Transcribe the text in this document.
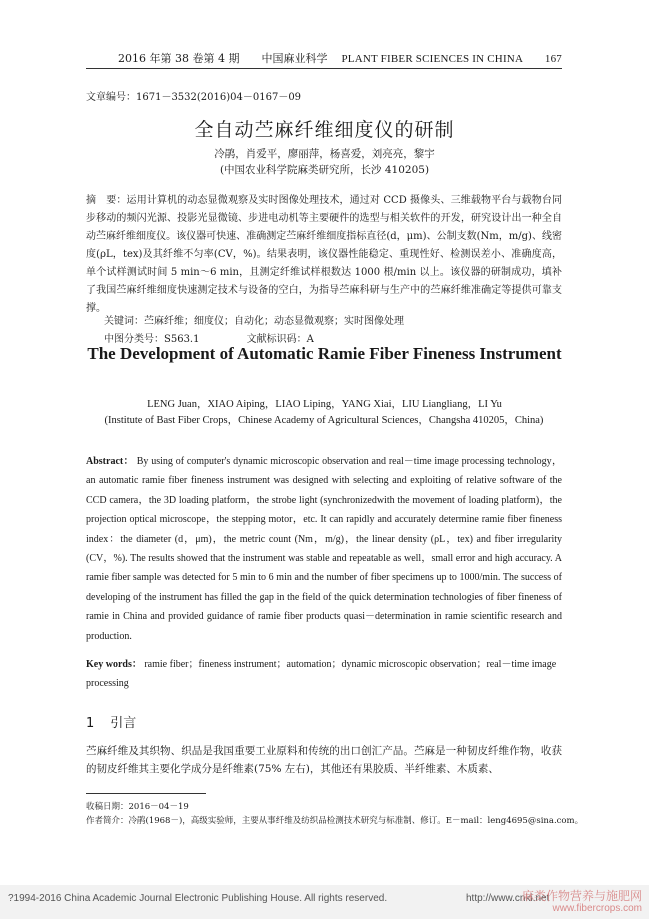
2016 年第 38 卷第 4 期　　中国麻业科学 PLANT FIBER SCIENCES IN CHINA　　167
文章编号：1671－3532(2016)04－0167－09
全自动苎麻纤维细度仪的研制
冷鹃，肖爱平，廖丽萍，杨喜爱，刘亮亮，黎宇
(中国农业科学院麻类研究所，长沙 410205)
摘　要：运用计算机的动态显微观察及实时图像处理技术，通过对 CCD 摄像头、三维载物平台与载物台同步移动的频闪光源、投影光显微镜、步进电动机等主要硬件的选型与相关软件的开发，研究设计出一种全自动苎麻纤维细度仪。该仪器可快速、准确测定苎麻纤维细度指标直径(d，μm)、公制支数(Nm，m/g)、线密度(ρL，tex)及其纤维不匀率(CV，%)。结果表明，该仪器性能稳定、重现性好、检测误差小、准确度高，单个试样测试时间 5 min～6 min，且测定纤维试样根数达 1000 根/min 以上。该仪器的研制成功，填补了我国苎麻纤维细度快速测定技术与设备的空白，为指导苎麻科研与生产中的苎麻纤维准确定等提供可靠支撑。
关键词：苎麻纤维；细度仪；自动化；动态显微观察；实时图像处理
中图分类号：S563.1	文献标识码：A
The Development of Automatic Ramie Fiber Fineness Instrument
LENG Juan，XIAO Aiping，LIAO Liping，YANG Xiai，LIU Liangliang，LI Yu
(Institute of Bast Fiber Crops，Chinese Academy of Agricultural Sciences，Changsha 410205，China)
Abstract： By using of computer's dynamic microscopic observation and real－time image processing technology，an automatic ramie fiber fineness instrument was designed with selecting and exploiting of relative software of the CCD camera，the 3D loading platform，the strobe light (synchronizedwith the movement of loading platform)，the projection optical microscope，the stepping motor，etc. It can rapidly and accurately determine ramie fiber fineness index：the diameter (d，μm)，the metric count (Nm，m/g)，the linear density (ρL，tex) and fiber irregularity (CV，%). The results showed that the instrument was stable and repeatable as well，small error and high accuracy. A ramie fiber sample was detected for 5 min to 6 min and the number of fiber specimens up to 1000/min. The success of developing of the instrument has filled the gap in the field of the quick determination technologies of fiber fineness of ramie in China and provided guidance of ramie fiber products quasi－determination in ramie scientific research and production.
Key words： ramie fiber；fineness instrument；automation；dynamic microscopic observation；real－time image processing
1 引言
苎麻纤维及其织物、织品是我国重要工业原料和传统的出口创汇产品。苎麻是一种韧皮纤维作物，收获的韧皮纤维其主要化学成分是纤维素(75% 左右)，其他还有果胶质、半纤维素、木质素、
收稿日期：2016－04－19
作者简介：冷鹃(1968－)，高级实验师，主要从事纤维及纺织品检测技术研究与标准制、修订。E－mail：leng4695@sina.com。
?1994-2016 China Academic Journal Electronic Publishing House. All rights reserved.	http://www.cnki.net
麻类作物营养与施肥网
www.fibercrops.com
